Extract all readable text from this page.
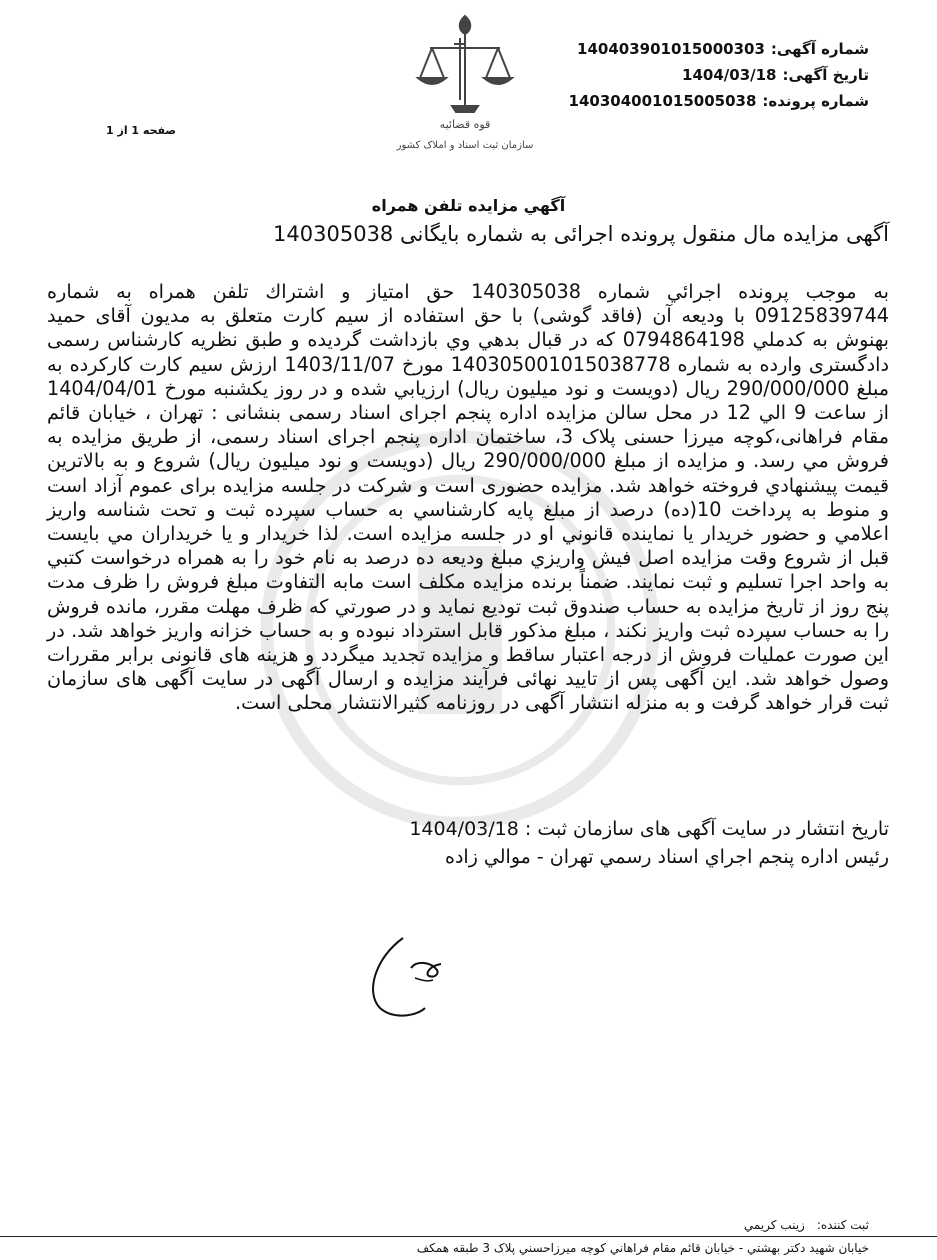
شماره آگهی:14040390101500030​3
تاریخ آگهی:1404/03/18
شماره پرونده:140304001015005038
قوه قضائیه
سازمان ثبت اسناد و املاک کشور
صفحه 1 از 1
آگهي مزايده تلفن همراه
آگهی مزایده مال منقول پرونده اجرائی به شماره بایگانی 140305038
به موجب پرونده اجرائي شماره 140305038 حق امتياز و اشتراك تلفن همراه به شماره 09125839744 با وديعه آن (فاقد گوشی) با حق استفاده از سیم کارت متعلق به مدیون آقای حمید بهنوش به کدملي 0794864198 که در قبال بدهي وي بازداشت گرديده و طبق نظريه کارشناس رسمی دادگستری وارده به شماره 140305001015038778 مورخ 1403/11/07 ارزش سیم کارت کارکرده به مبلغ 290/000/000 ريال (دویست و نود میلیون ريال) ارزيابي شده و در روز يکشنبه مورخ 1404/04/01 از ساعت 9 الي 12 در محل سالن مزایده اداره پنجم اجرای اسناد رسمی بنشانی : تهران ، خیابان قائم مقام فراهانی،کوچه میرزا حسنی پلاک 3، ساختمان اداره پنجم اجرای اسناد رسمی، از طريق مزايده به فروش مي رسد. و مزايده از مبلغ 290/000/000 ريال (دویست و نود میلیون ريال) شروع و به بالاترين قيمت پيشنهادي فروخته خواهد شد. مزايده حضوری است و شرکت در جلسه مزايده برای عموم آزاد است و منوط به پرداخت 10(ده) درصد از مبلغ پايه کارشناسي به حساب سپرده ثبت و تحت شناسه واريز اعلامي و حضور خريدار يا نماينده قانوني او در جلسه مزايده است. لذا خريدار و يا خريداران مي بايست قبل از شروع وقت مزايده اصل فيش واريزي مبلغ وديعه ده درصد به نام خود را به همراه درخواست کتبي به واحد اجرا تسليم و ثبت نمايند. ضمناً برنده مزايده مکلف است مابه التفاوت مبلغ فروش را ظرف مدت پنج روز از تاريخ مزايده به حساب صندوق ثبت توديع نمايد و در صورتي كه ظرف مهلت مقرر، مانده فروش را به حساب سپرده ثبت واريز نكند ، مبلغ مذكور قابل استرداد نبوده و به حساب خزانه واريز خواهد شد. در اين صورت عمليات فروش از درجه اعتبار ساقط و مزايده تجديد ميگردد و هزینه های قانونی برابر مقررات وصول خواهد شد. این آگهی پس از تایید نهائی فرآیند مزایده و ارسال آگهی در سایت آگهی های سازمان ثبت قرار خواهد گرفت و به منزله انتشار آگهی در روزنامه کثیرالانتشار محلی است.
تاریخ انتشار در سایت آگهی های سازمان ثبت : 1404/03/18
رئيس اداره پنجم اجراي اسناد رسمي تهران - موالي زاده
ثبت کننده:زينب كريمي
خيابان شهيد دكتر بهشتي - خيابان قائم مقام فراهاني كوچه ميرزاحسني پلاک 3 طبقه همكف
